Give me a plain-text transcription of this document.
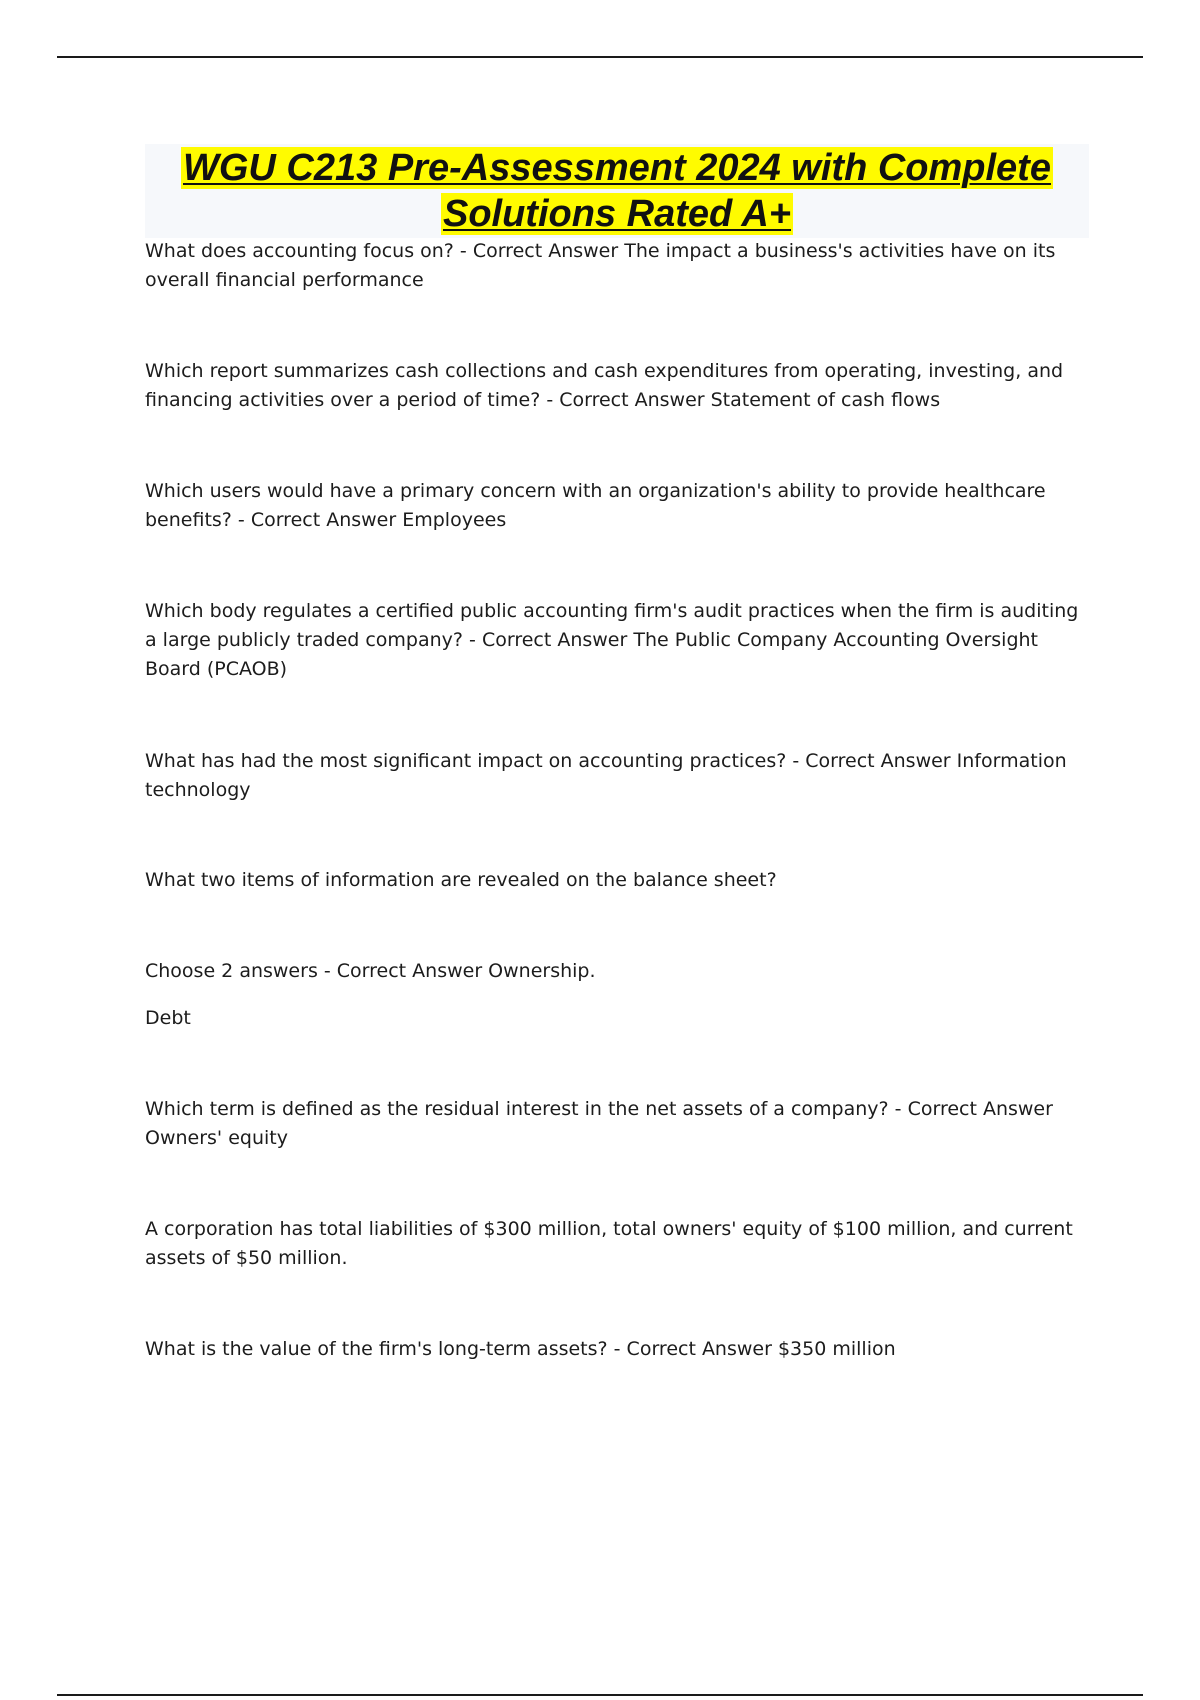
WGU C213 Pre-Assessment 2024 with Complete Solutions Rated A+

What does accounting focus on? - Correct Answer The impact a business's activities have on its overall financial performance

Which report summarizes cash collections and cash expenditures from operating, investing, and financing activities over a period of time? - Correct Answer Statement of cash flows

Which users would have a primary concern with an organization's ability to provide healthcare benefits? - Correct Answer Employees

Which body regulates a certified public accounting firm's audit practices when the firm is auditing a large publicly traded company? - Correct Answer The Public Company Accounting Oversight Board (PCAOB)

What has had the most significant impact on accounting practices? - Correct Answer Information technology

What two items of information are revealed on the balance sheet?

Choose 2 answers - Correct Answer Ownership.

Debt

Which term is defined as the residual interest in the net assets of a company? - Correct Answer Owners' equity

A corporation has total liabilities of $300 million, total owners' equity of $100 million, and current assets of $50 million.

What is the value of the firm's long-term assets? - Correct Answer $350 million
